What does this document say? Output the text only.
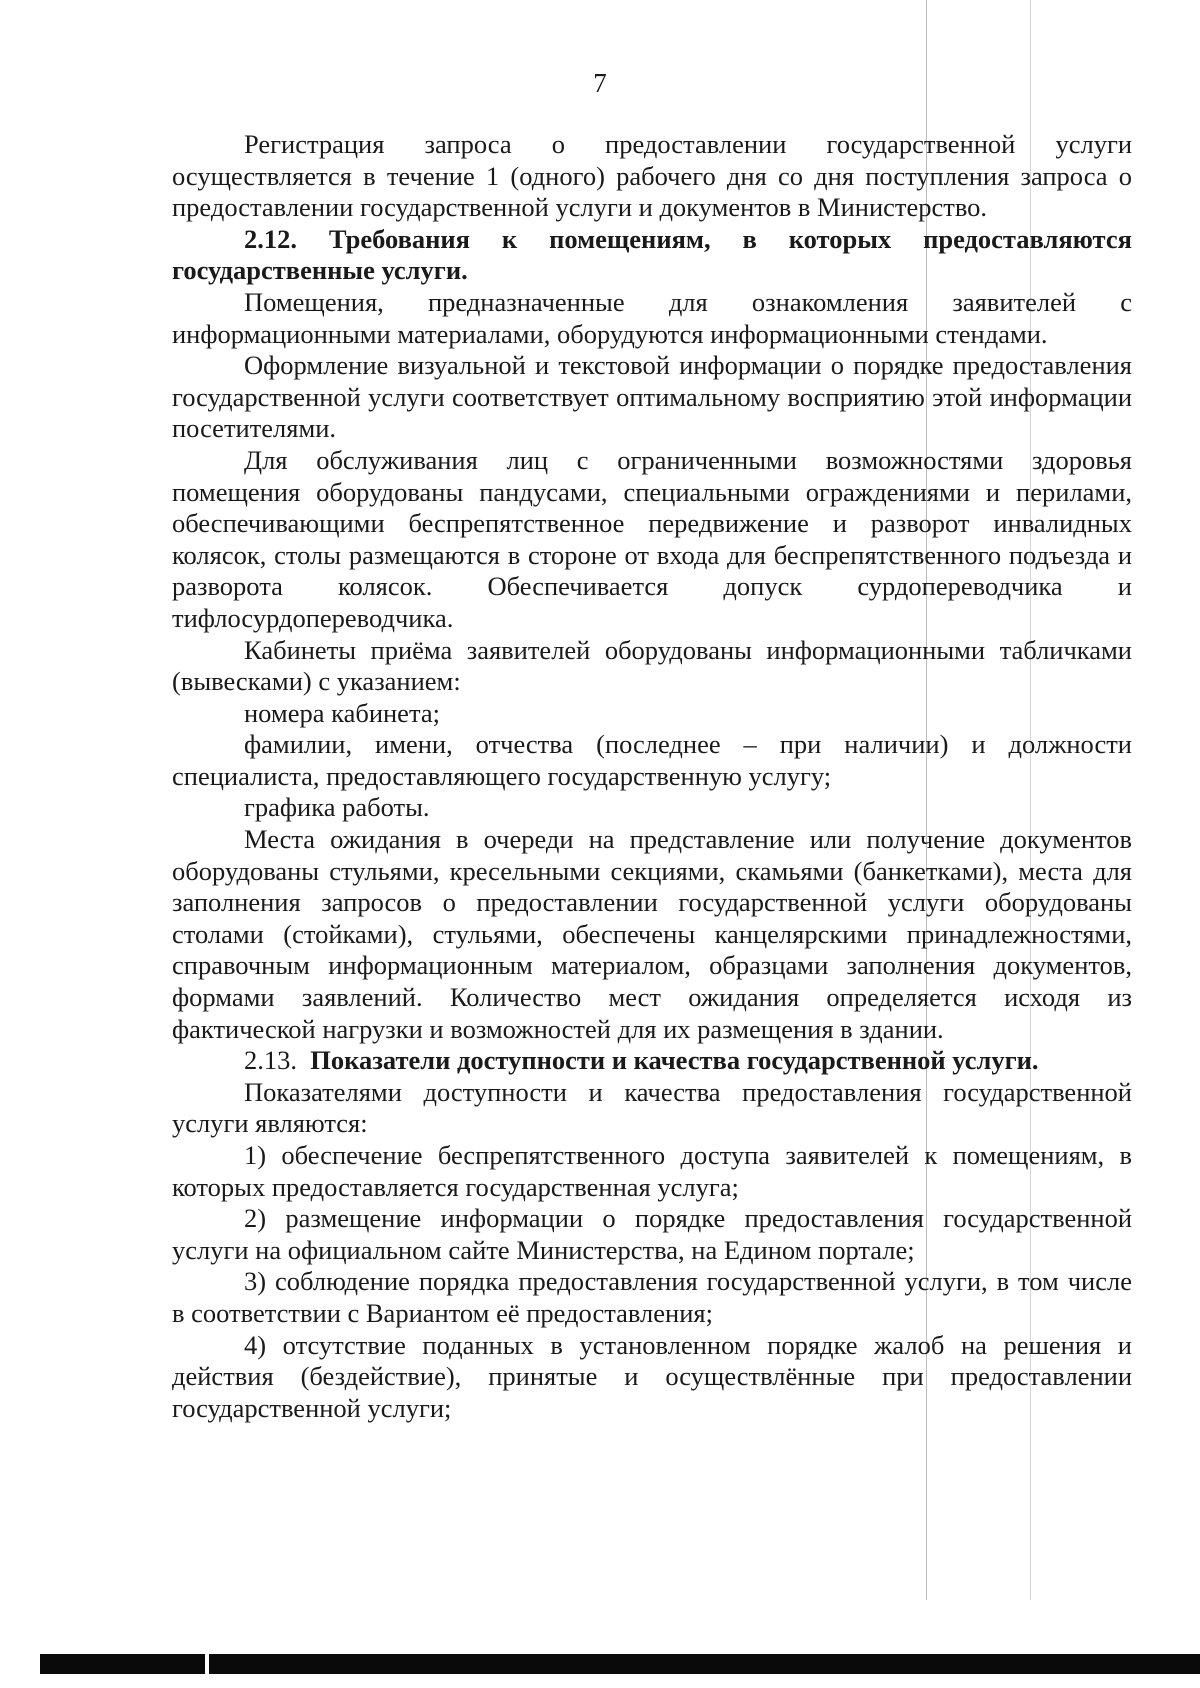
7

Регистрация запроса о предоставлении государственной услуги осуществляется в течение 1 (одного) рабочего дня со дня поступления запроса о предоставлении государственной услуги и документов в Министерство.

2.12. Требования к помещениям, в которых предоставляются государственные услуги.

Помещения, предназначенные для ознакомления заявителей с информационными материалами, оборудуются информационными стендами.

Оформление визуальной и текстовой информации о порядке предоставления государственной услуги соответствует оптимальному восприятию этой информации посетителями.

Для обслуживания лиц с ограниченными возможностями здоровья помещения оборудованы пандусами, специальными ограждениями и перилами, обеспечивающими беспрепятственное передвижение и разворот инвалидных колясок, столы размещаются в стороне от входа для беспрепятственного подъезда и разворота колясок. Обеспечивается допуск сурдопереводчика и тифлосурдопереводчика.

Кабинеты приёма заявителей оборудованы информационными табличками (вывесками) с указанием:

номера кабинета;

фамилии, имени, отчества (последнее – при наличии) и должности специалиста, предоставляющего государственную услугу;

графика работы.

Места ожидания в очереди на представление или получение документов оборудованы стульями, кресельными секциями, скамьями (банкетками), места для заполнения запросов о предоставлении государственной услуги оборудованы столами (стойками), стульями, обеспечены канцелярскими принадлежностями, справочным информационным материалом, образцами заполнения документов, формами заявлений. Количество мест ожидания определяется исходя из фактической нагрузки и возможностей для их размещения в здании.

2.13. Показатели доступности и качества государственной услуги.

Показателями доступности и качества предоставления государственной услуги являются:

1) обеспечение беспрепятственного доступа заявителей к помещениям, в которых предоставляется государственная услуга;

2) размещение информации о порядке предоставления государственной услуги на официальном сайте Министерства, на Едином портале;

3) соблюдение порядка предоставления государственной услуги, в том числе в соответствии с Вариантом её предоставления;

4) отсутствие поданных в установленном порядке жалоб на решения и действия (бездействие), принятые и осуществлённые при предоставлении государственной услуги;
